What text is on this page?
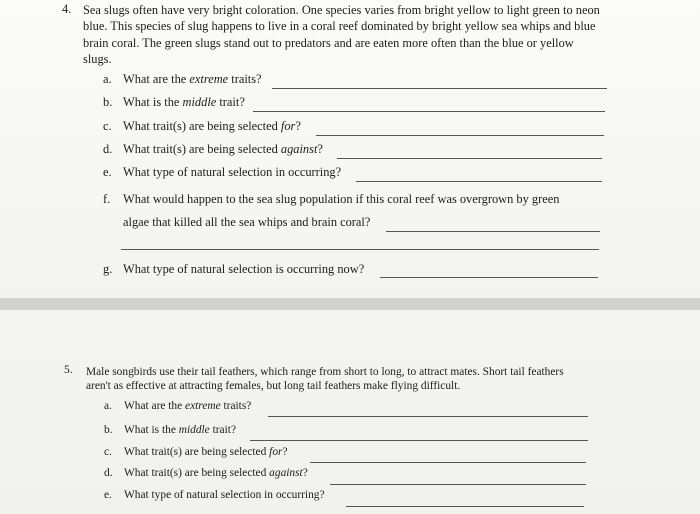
4. Sea slugs often have very bright coloration. One species varies from bright yellow to light green to neon blue. This species of slug happens to live in a coral reef dominated by bright yellow sea whips and blue brain coral. The green slugs stand out to predators and are eaten more often than the blue or yellow slugs.

a. What are the extreme traits?
b. What is the middle trait?
c. What trait(s) are being selected for?
d. What trait(s) are being selected against?
e. What type of natural selection in occurring?
f. What would happen to the sea slug population if this coral reef was overgrown by green
algae that killed all the sea whips and brain coral?
g. What type of natural selection is occurring now?
5. Male songbirds use their tail feathers, which range from short to long, to attract mates. Short tail feathers aren't as effective at attracting females, but long tail feathers make flying difficult.

a. What are the extreme traits?
b. What is the middle trait?
c. What trait(s) are being selected for?
d. What trait(s) are being selected against?
e. What type of natural selection in occurring?
